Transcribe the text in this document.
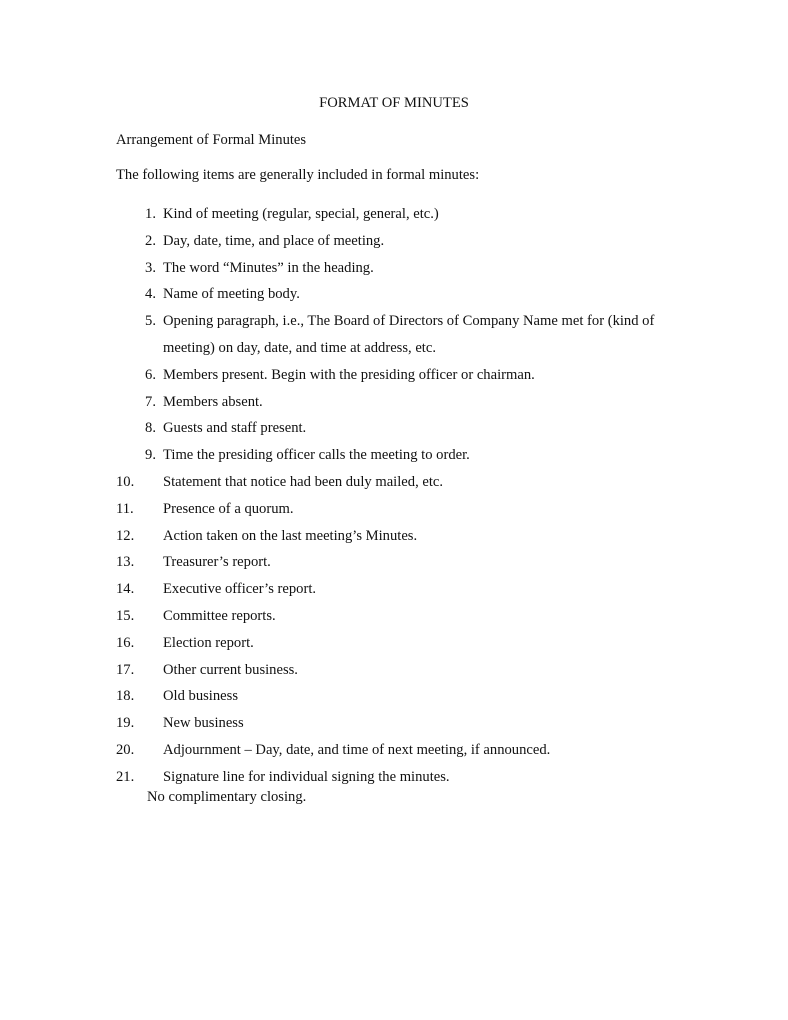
FORMAT OF MINUTES
Arrangement of Formal Minutes
The following items are generally included in formal minutes:
1. Kind of meeting (regular, special, general, etc.)
2. Day, date, time, and place of meeting.
3. The word “Minutes” in the heading.
4. Name of meeting body.
5. Opening paragraph, i.e., The Board of Directors of Company Name met for (kind of meeting) on day, date, and time at address, etc.
6. Members present. Begin with the presiding officer or chairman.
7. Members absent.
8. Guests and staff present.
9. Time the presiding officer calls the meeting to order.
10.	Statement that notice had been duly mailed, etc.
11.	Presence of a quorum.
12.	Action taken on the last meeting’s Minutes.
13.	Treasurer’s report.
14.	Executive officer’s report.
15.	Committee reports.
16.	Election report.
17.	Other current business.
18.	Old business
19.	New business
20.	Adjournment – Day, date, and time of next meeting, if announced.
21.	Signature line for individual signing the minutes.
No complimentary closing.
